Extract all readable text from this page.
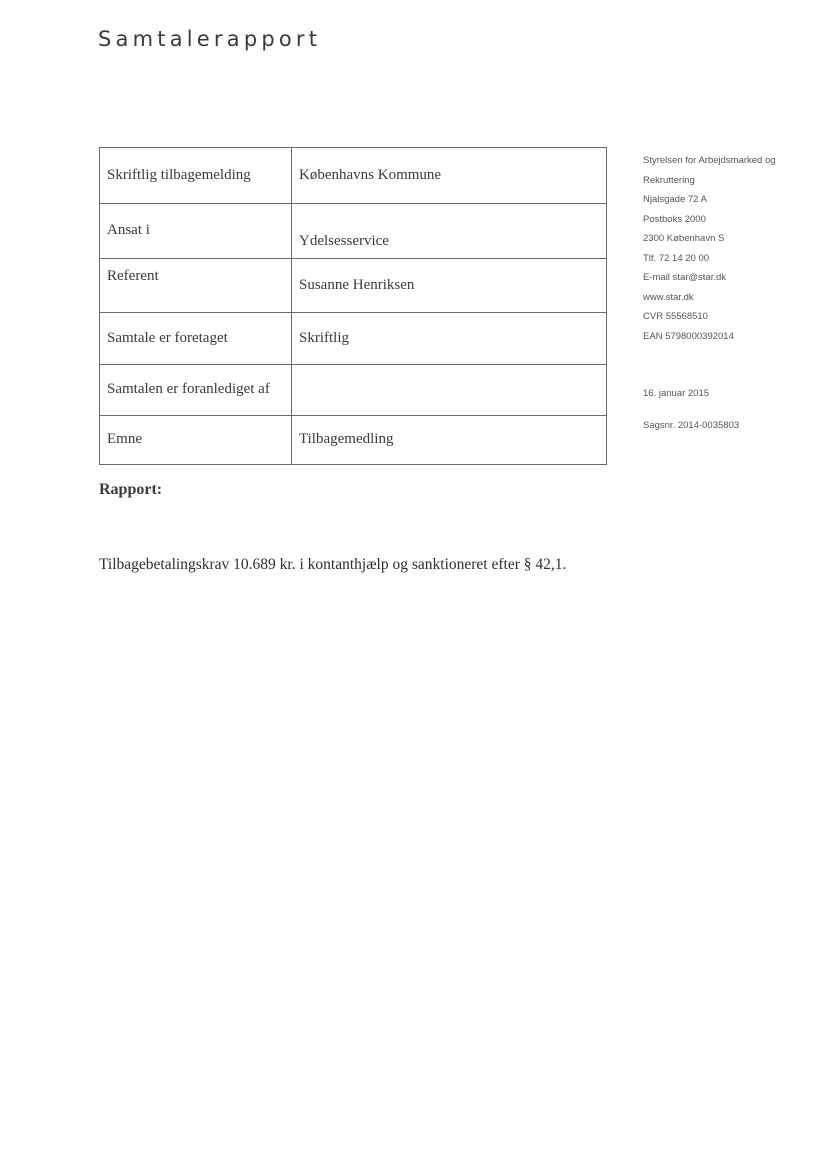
Samtalerapport
Skriftlig tilbagemelding	Københavns Kommune

Ansat i	Ydelsesservice

Referent	Susanne Henriksen

Samtale er foretaget	Skriftlig

Samtalen er foranlediget af	

Emne	Tilbagemedling
Styrelsen for Arbejdsmarked og
Rekruttering
Njalsgade 72 A
Postboks 2000
2300 København S
Tlf. 72 14 20 00
E-mail star@star.dk
www.star.dk
CVR 55568510
EAN 5798000392014
16. januar 2015
Sagsnr. 2014-0035803
Rapport:

Tilbagebetalingskrav 10.689 kr. i kontanthjælp og sanktioneret efter § 42,1.
